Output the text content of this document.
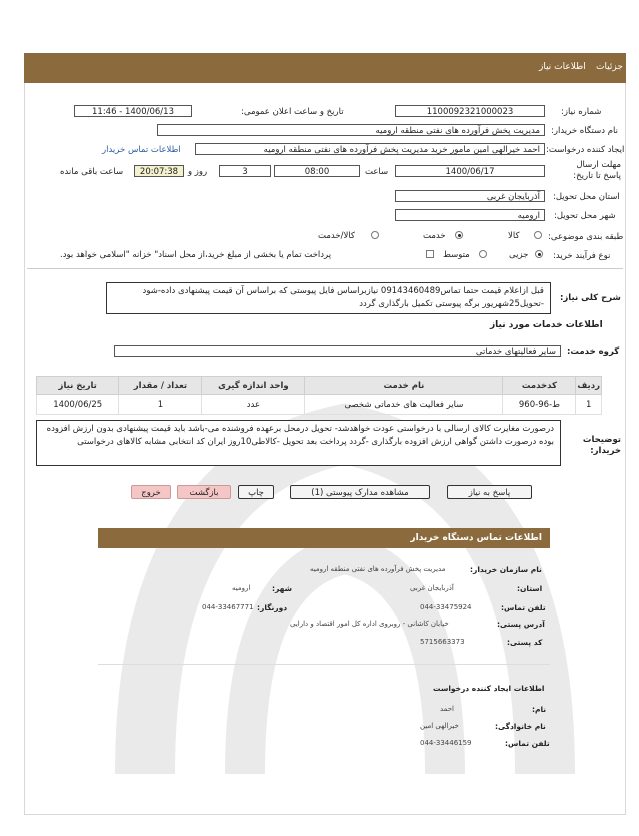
اطلاعات نیاز جزئیات
شماره نیاز:
1100092321000023
تاریخ و ساعت اعلان عمومی:
1400/06/13 - 11:46
نام دستگاه خریدار:
مدیریت پخش فرآورده های نفتی منطقه ارومیه
ایجاد کننده درخواست:
احمد خیرالهی امین مامور خرید مدیریت پخش فرآورده های نفتی منطقه ارومیه
اطلاعات تماس خریدار
مهلت ارسال پاسخ تا تاریخ:
1400/06/17
ساعت
08:00
3
روز و
20:07:38
ساعت باقی مانده
استان محل تحویل:
آذربایجان غربی
شهر محل تحویل:
ارومیه
طبقه بندی موضوعی:
کالا
خدمت
کالا/خدمت
نوع فرآیند خرید:
جزیی
متوسط
پرداخت تمام یا بخشی از مبلغ خرید،از محل اسناد" خزانه "اسلامی خواهد بود.
شرح کلی نیاز:
قبل ازاعلام قیمت حتما تماس09143460489 نیازبراساس فایل پیوستی که براساس آن قیمت پیشنهادی داده-شود -تحویل25شهریور برگه پیوستی تکمیل بارگذاری گردد
اطلاعات خدمات مورد نیاز
گروه خدمت:
سایر فعالیتهای خدماتی
ردیف	کدخدمت	نام خدمت	واحد اندازه گیری	تعداد / مقدار	تاریخ نیاز
1	ط-96-960	سایر فعالیت های خدماتی شخصی	عدد	1	1400/06/25
توضیحات خریدار:
درصورت مغایرت کالای ارسالی با درخواستی عودت خواهدشد- تحویل درمحل برعهده فروشنده می-باشد باید قیمت پیشنهادی بدون ارزش افزوده بوده درصورت داشتن گواهی ارزش افزوده بارگذاری -گردد پرداخت بعد تحویل -کالاطی10روز ایران کد انتخابی مشابه کالاهای درخواستی
پاسخ به نیاز
مشاهده مدارک پیوستی (1)
چاپ
بازگشت
خروج
اطلاعات تماس دستگاه خریدار
نام سازمان خریدار:
مدیریت پخش فرآورده های نفتی منطقه ارومیه
استان:
آذربایجان غربی
شهر:
ارومیه
تلفن تماس:
044-33475924
دورنگار:
044-33467771
آدرس پستی:
خیابان کاشانی - روبروی اداره کل امور اقتصاد و دارایی
کد پستی:
5715663373
اطلاعات ایجاد کننده درخواست
نام:
احمد
نام خانوادگی:
خیرالهی امین
تلفن تماس:
044-33446159
